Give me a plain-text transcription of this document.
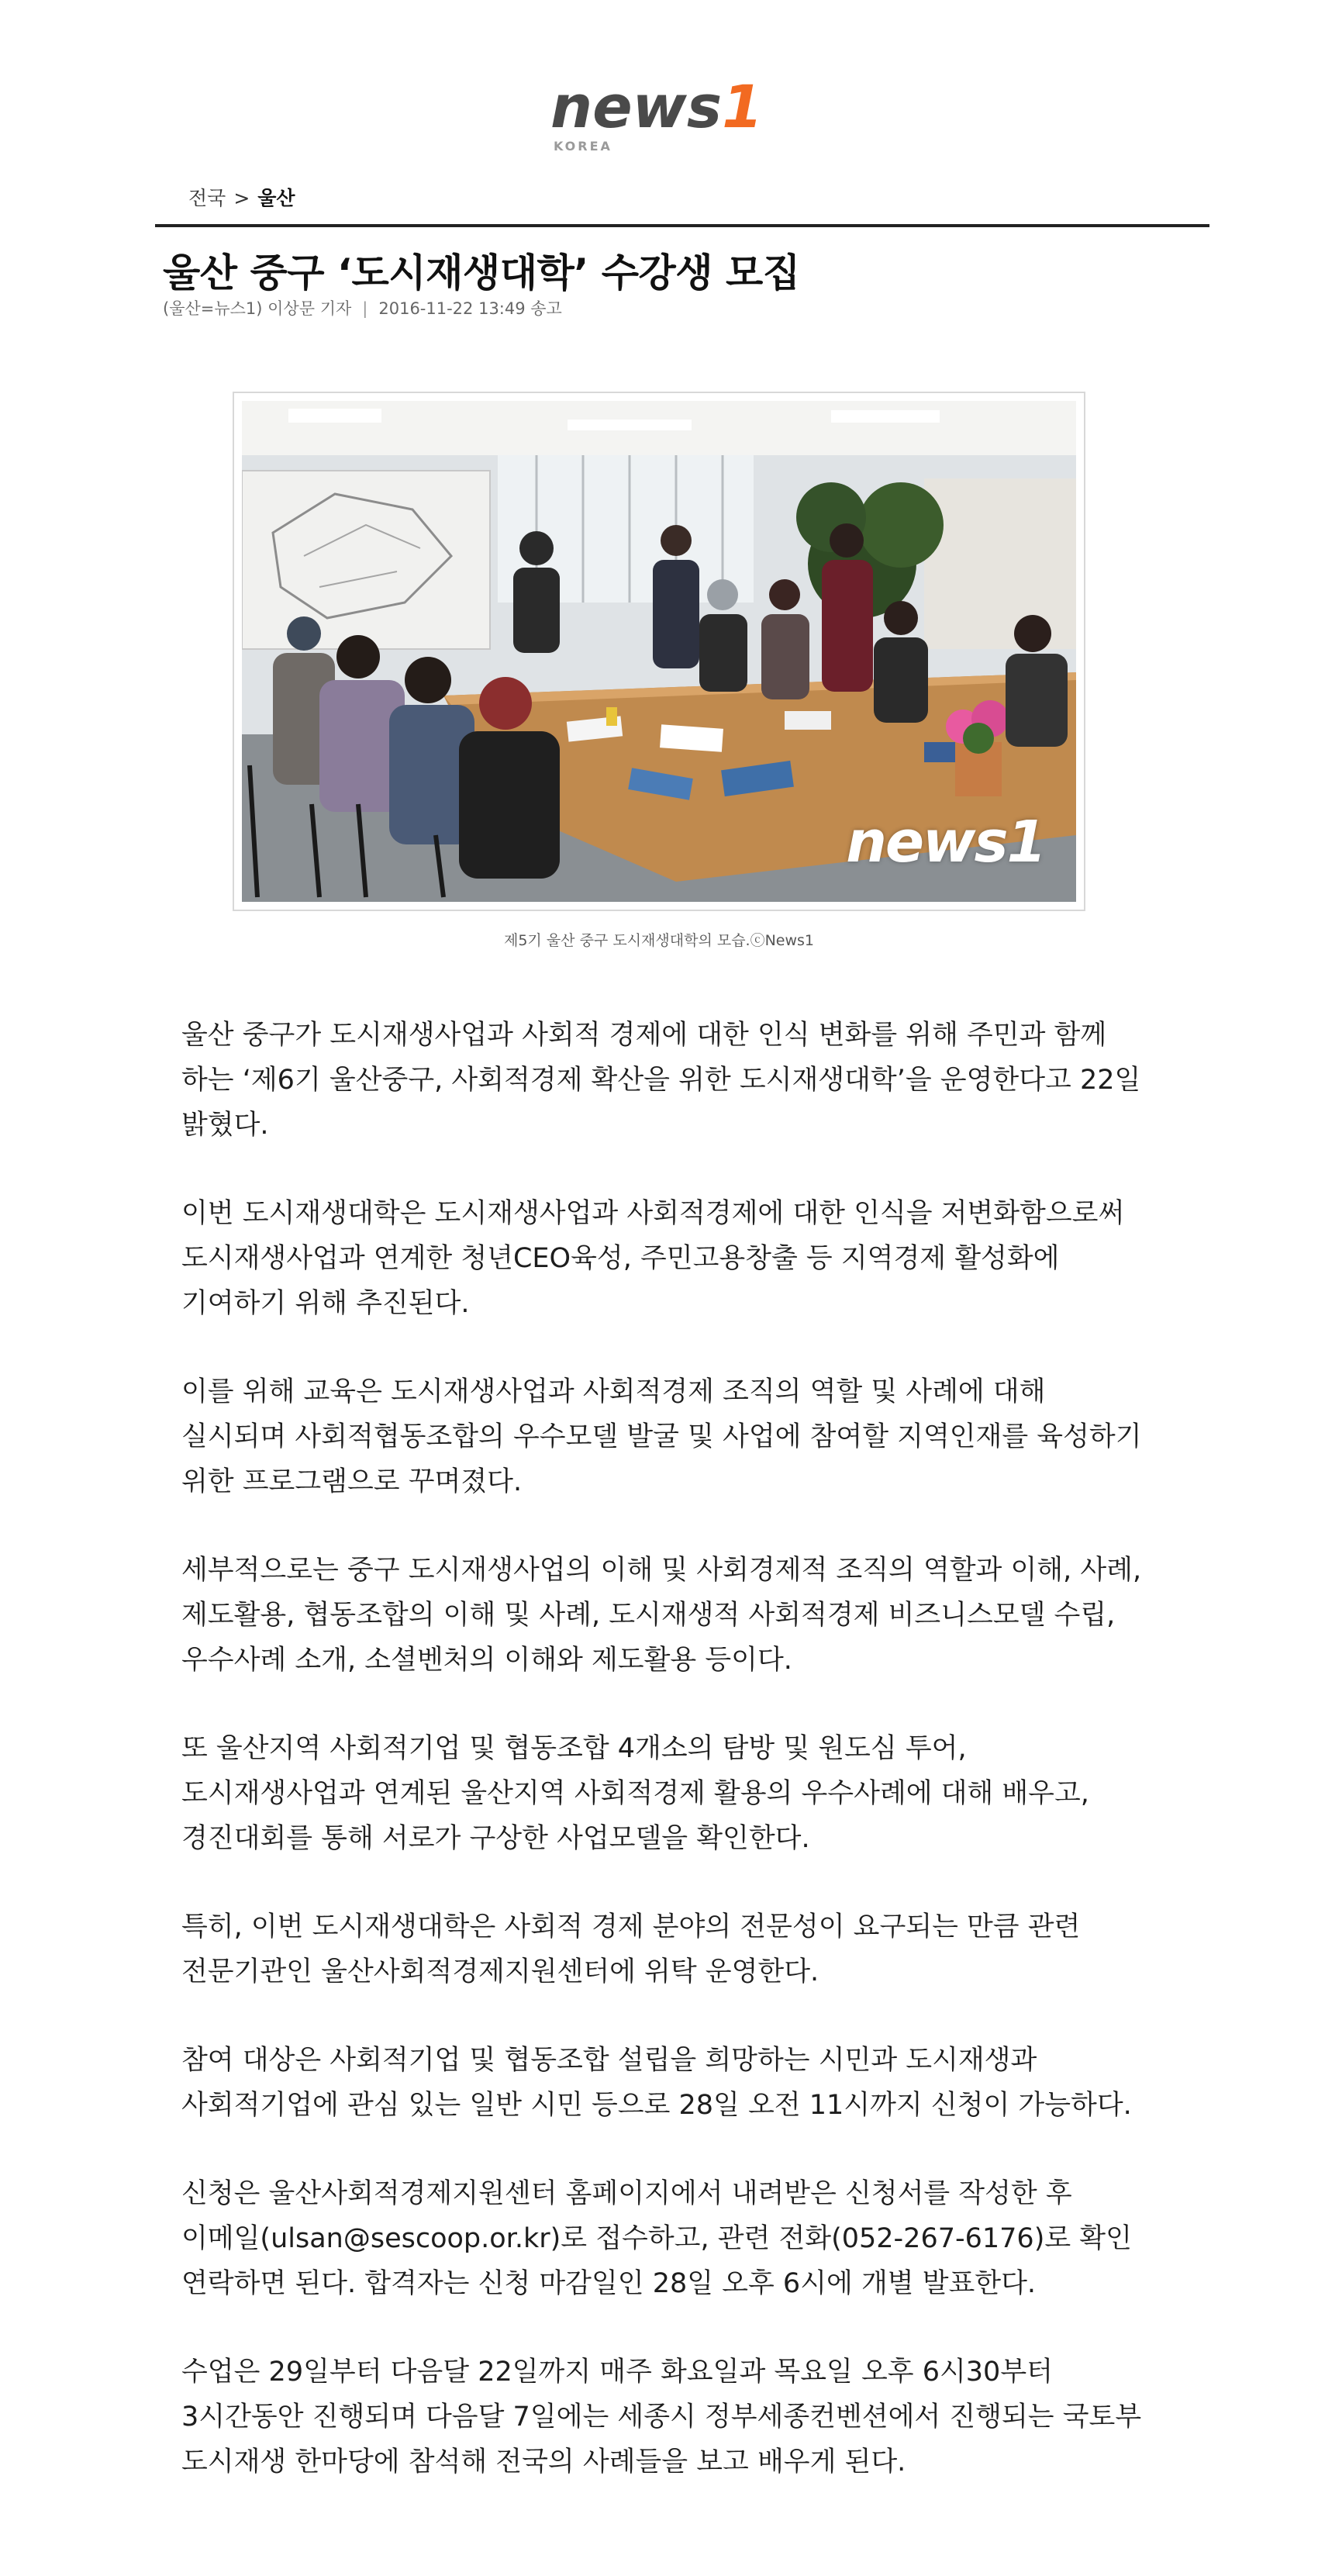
news1
KOREA
전국 > 울산
울산 중구 ‘도시재생대학’ 수강생 모집
(울산=뉴스1) 이상문 기자 | 2016-11-22 13:49 송고
news1
제5기 울산 중구 도시재생대학의 모습.ⓒNews1

울산 중구가 도시재생사업과 사회적 경제에 대한 인식 변화를 위해 주민과 함께 하는 ‘제6기 울산중구, 사회적경제 확산을 위한 도시재생대학’을 운영한다고 22일 밝혔다.

이번 도시재생대학은 도시재생사업과 사회적경제에 대한 인식을 저변화함으로써 도시재생사업과 연계한 청년CEO육성, 주민고용창출 등 지역경제 활성화에 기여하기 위해 추진된다.

이를 위해 교육은 도시재생사업과 사회적경제 조직의 역할 및 사례에 대해 실시되며 사회적협동조합의 우수모델 발굴 및 사업에 참여할 지역인재를 육성하기 위한 프로그램으로 꾸며졌다.

세부적으로는 중구 도시재생사업의 이해 및 사회경제적 조직의 역할과 이해, 사례, 제도활용, 협동조합의 이해 및 사례, 도시재생적 사회적경제 비즈니스모델 수립, 우수사례 소개, 소셜벤처의 이해와 제도활용 등이다.

또 울산지역 사회적기업 및 협동조합 4개소의 탐방 및 원도심 투어, 도시재생사업과 연계된 울산지역 사회적경제 활용의 우수사례에 대해 배우고, 경진대회를 통해 서로가 구상한 사업모델을 확인한다.

특히, 이번 도시재생대학은 사회적 경제 분야의 전문성이 요구되는 만큼 관련 전문기관인 울산사회적경제지원센터에 위탁 운영한다.

참여 대상은 사회적기업 및 협동조합 설립을 희망하는 시민과 도시재생과 사회적기업에 관심 있는 일반 시민 등으로 28일 오전 11시까지 신청이 가능하다.

신청은 울산사회적경제지원센터 홈페이지에서 내려받은 신청서를 작성한 후 이메일(ulsan@sescoop.or.kr)로 접수하고, 관련 전화(052-267-6176)로 확인 연락하면 된다. 합격자는 신청 마감일인 28일 오후 6시에 개별 발표한다.

수업은 29일부터 다음달 22일까지 매주 화요일과 목요일 오후 6시30부터 3시간동안 진행되며 다음달 7일에는 세종시 정부세종컨벤션에서 진행되는 국토부 도시재생 한마당에 참석해 전국의 사례들을 보고 배우게 된다.
